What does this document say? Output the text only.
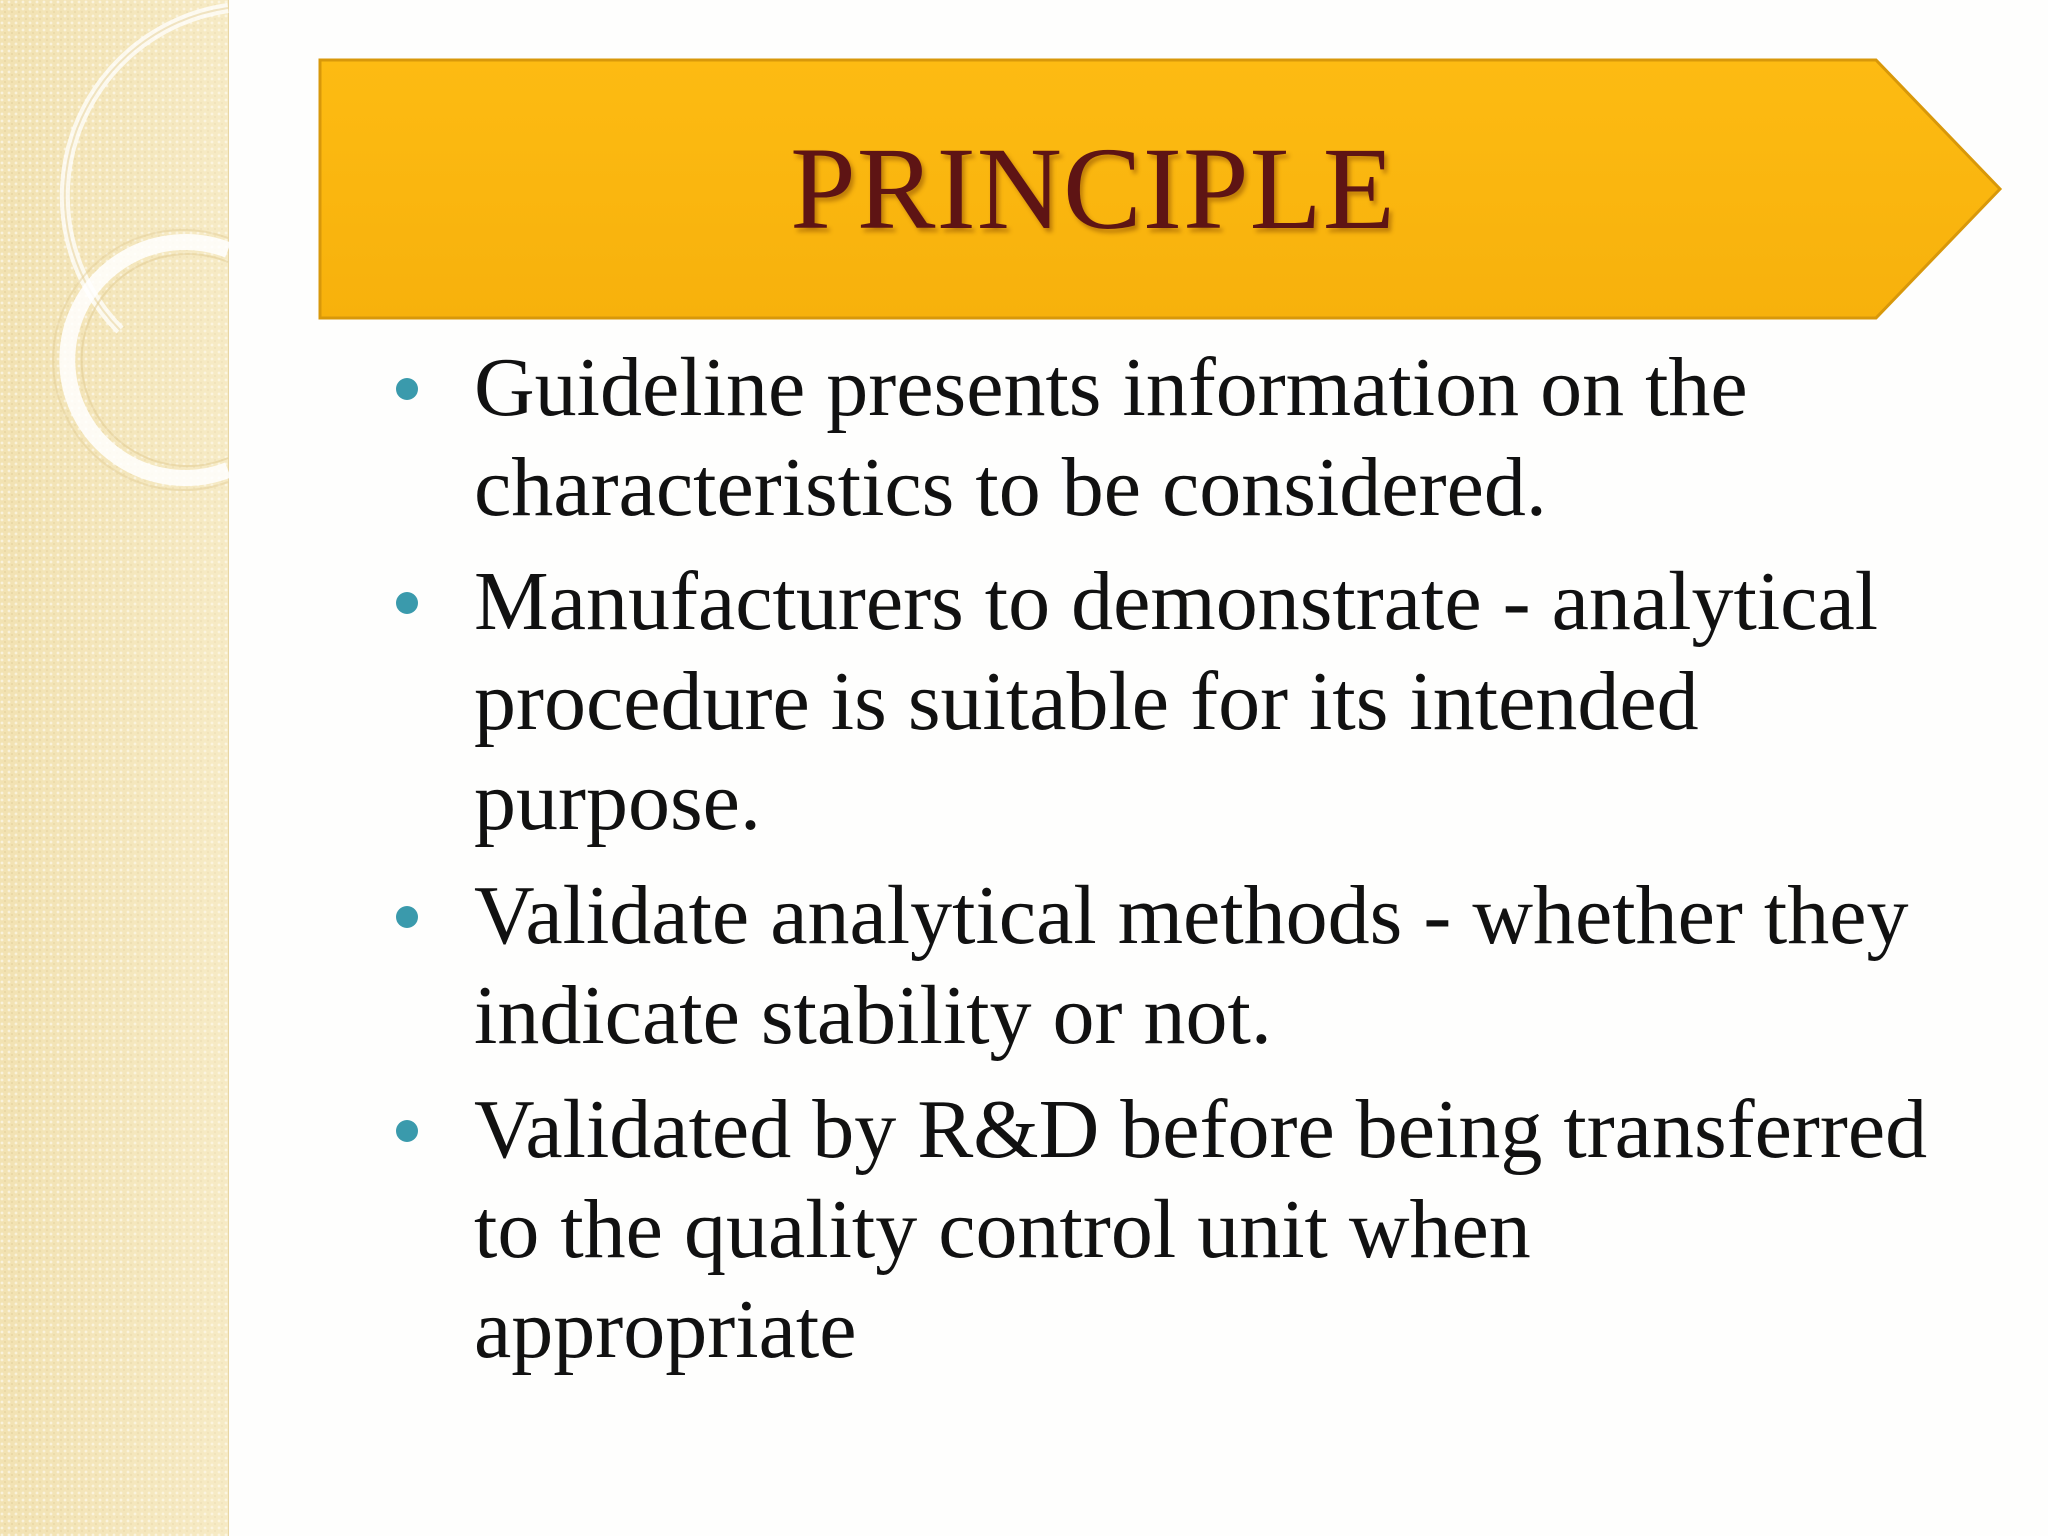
PRINCIPLE
Guideline presents information on the characteristics to be considered.
Manufacturers to demonstrate - analytical procedure is suitable for its intended purpose.
Validate analytical methods - whether they indicate stability or not.
Validated by R&D before being transferred to the quality control unit when appropriate
